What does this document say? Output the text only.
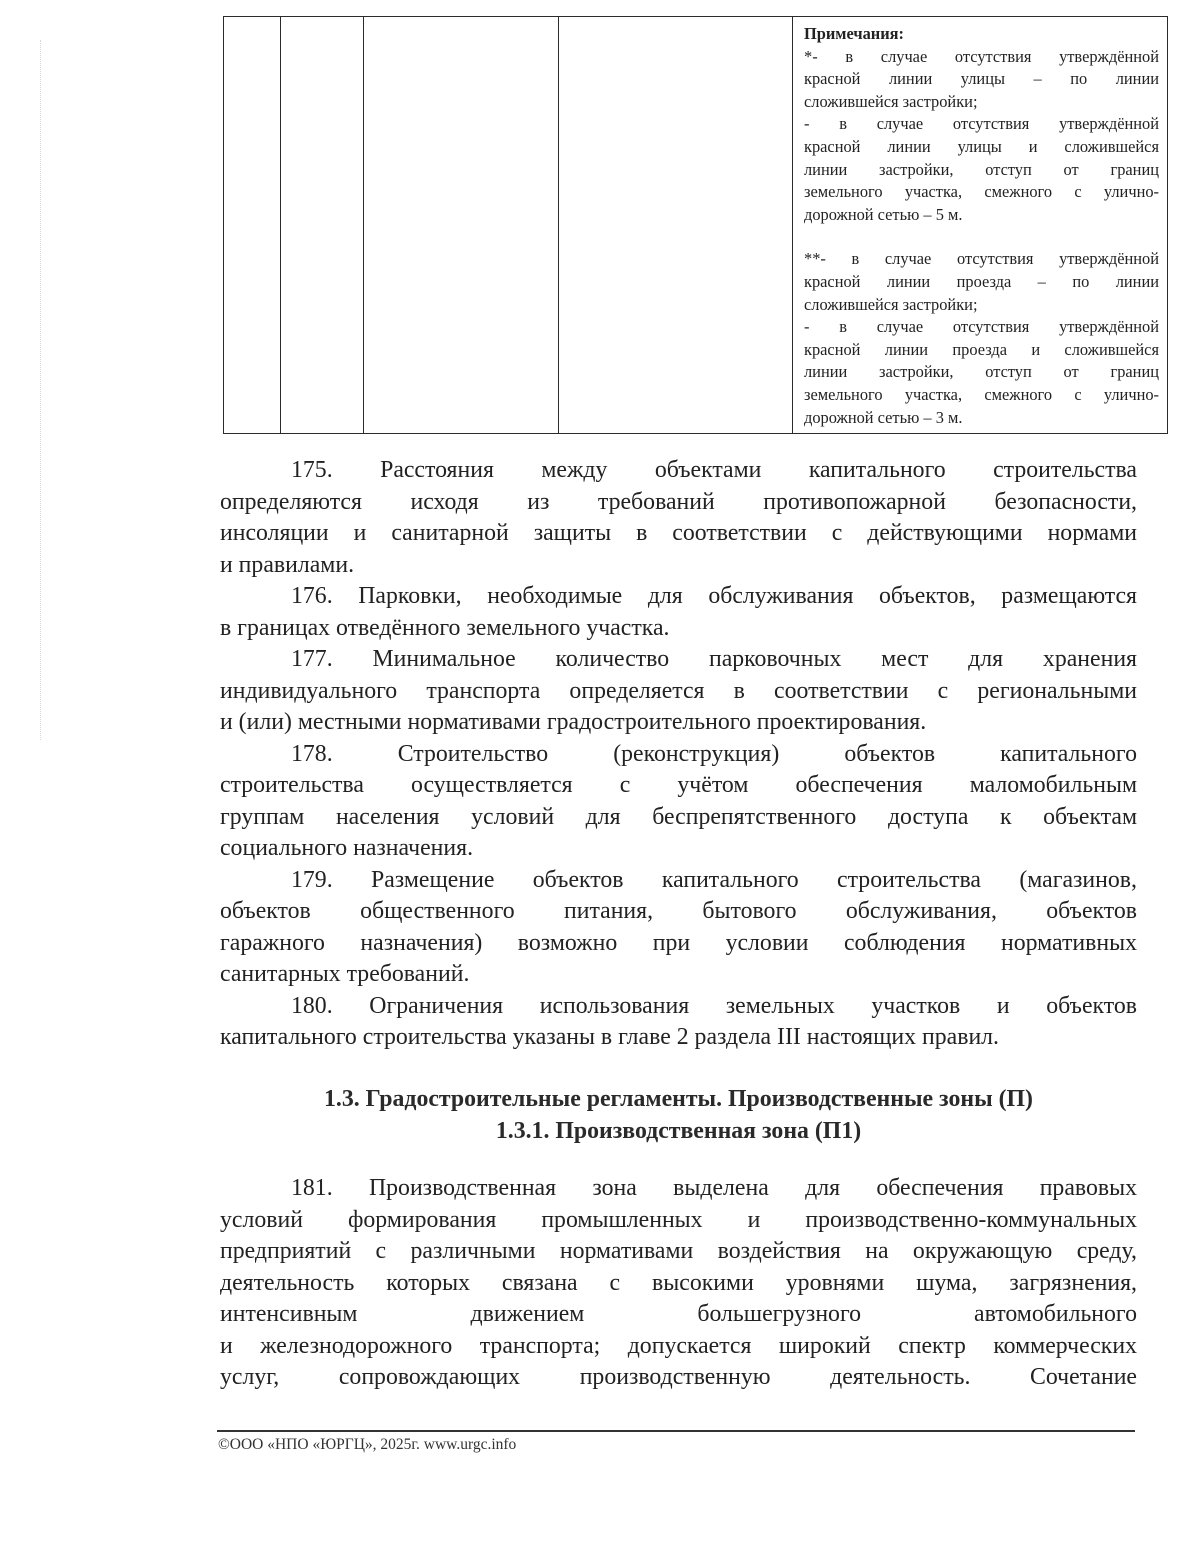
Примечания:
*- в случае отсутствия утверждённой
красной линии улицы – по линии
сложившейся застройки;
- в случае отсутствия утверждённой
красной линии улицы и сложившейся
линии застройки, отступ от границ
земельного участка, смежного с улично-
дорожной сетью – 5 м.
**- в случае отсутствия утверждённой
красной линии проезда – по линии
сложившейся застройки;
- в случае отсутствия утверждённой
красной линии проезда и сложившейся
линии застройки, отступ от границ
земельного участка, смежного с улично-
дорожной сетью – 3 м.
175. Расстояния между объектами капитального строительства
определяются исходя из требований противопожарной безопасности,
инсоляции и санитарной защиты в соответствии с действующими нормами
и правилами.
176. Парковки, необходимые для обслуживания объектов, размещаются
в границах отведённого земельного участка.
177. Минимальное количество парковочных мест для хранения
индивидуального транспорта определяется в соответствии с региональными
и (или) местными нормативами градостроительного проектирования.
178. Строительство (реконструкция) объектов капитального
строительства осуществляется с учётом обеспечения маломобильным
группам населения условий для беспрепятственного доступа к объектам
социального назначения.
179. Размещение объектов капитального строительства (магазинов,
объектов общественного питания, бытового обслуживания, объектов
гаражного назначения) возможно при условии соблюдения нормативных
санитарных требований.
180. Ограничения использования земельных участков и объектов
капитального строительства указаны в главе 2 раздела III настоящих правил.
1.3. Градостроительные регламенты. Производственные зоны (П)
1.3.1. Производственная зона (П1)
181. Производственная зона выделена для обеспечения правовых
условий формирования промышленных и производственно-коммунальных
предприятий с различными нормативами воздействия на окружающую среду,
деятельность которых связана с высокими уровнями шума, загрязнения,
интенсивным движением большегрузного автомобильного
и железнодорожного транспорта; допускается широкий спектр коммерческих
услуг, сопровождающих производственную деятельность. Сочетание
©ООО «НПО «ЮРГЦ», 2025г. www.urgc.info
